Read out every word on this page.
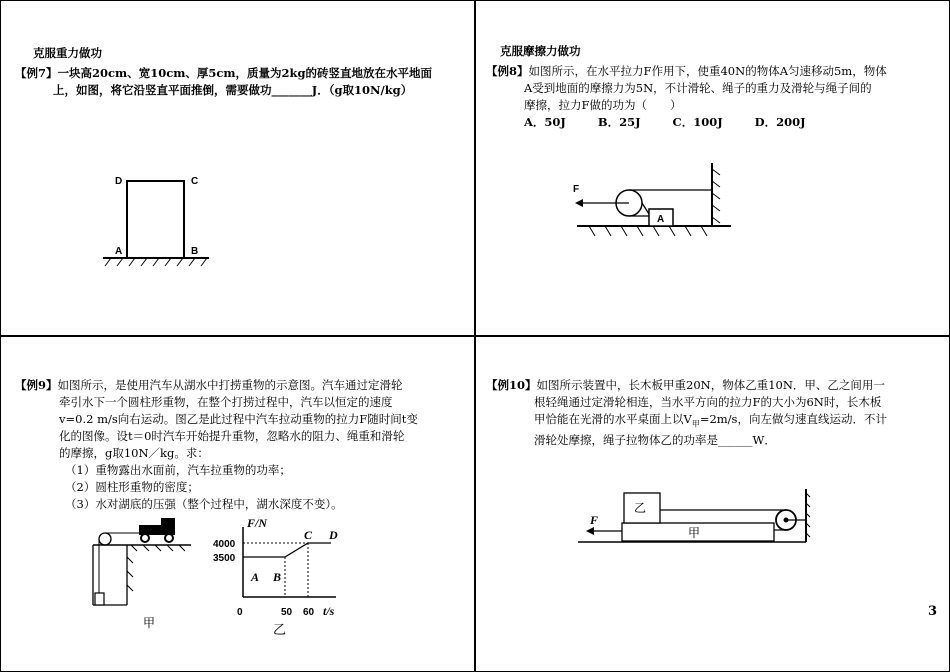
克服重力做功
【例7】一块高20cm、宽10cm、厚5cm，质量为2kg的砖竖直地放在水平地面
上，如图，将它沿竖直平面推倒，需要做功_______J．（g取10N/kg）
D	C
A	B
克服摩擦力做功
【例8】如图所示，在水平拉力F作用下，使重40N的物体A匀速移动5m，物体
A受到地面的摩擦力为5N，不计滑轮、绳子的重力及滑轮与绳子间的
摩擦，拉力F做的功为（　　）
A．50J	B．25J	C．100J	D．200J
A
F
【例9】如图所示，是使用汽车从湖水中打捞重物的示意图。汽车通过定滑轮
牵引水下一个圆柱形重物，在整个打捞过程中，汽车以恒定的速度
v=0.2 m/s向右运动。图乙是此过程中汽车拉动重物的拉力F随时间t变
化的图像。设t＝0时汽车开始提升重物，忽略水的阻力、绳重和滑轮
的摩擦，g取10N／kg。求：
（1）重物露出水面前，汽车拉重物的功率；
（2）圆柱形重物的密度；
（3）水对湖底的压强（整个过程中，湖水深度不变）。
甲
F/N
t/s
4000
3500
0	50 60
A B
C D
乙
【例10】如图所示装置中，长木板甲重20N，物体乙重10N．甲、乙之间用一
根轻绳通过定滑轮相连，当水平方向的拉力F的大小为6N时，长木板
甲恰能在光滑的水平桌面上以$V_甲=2m/s$，向左做匀速直线运动．不计
滑轮处摩擦，绳子拉物体乙的功率是______W．
甲
乙
F
3
